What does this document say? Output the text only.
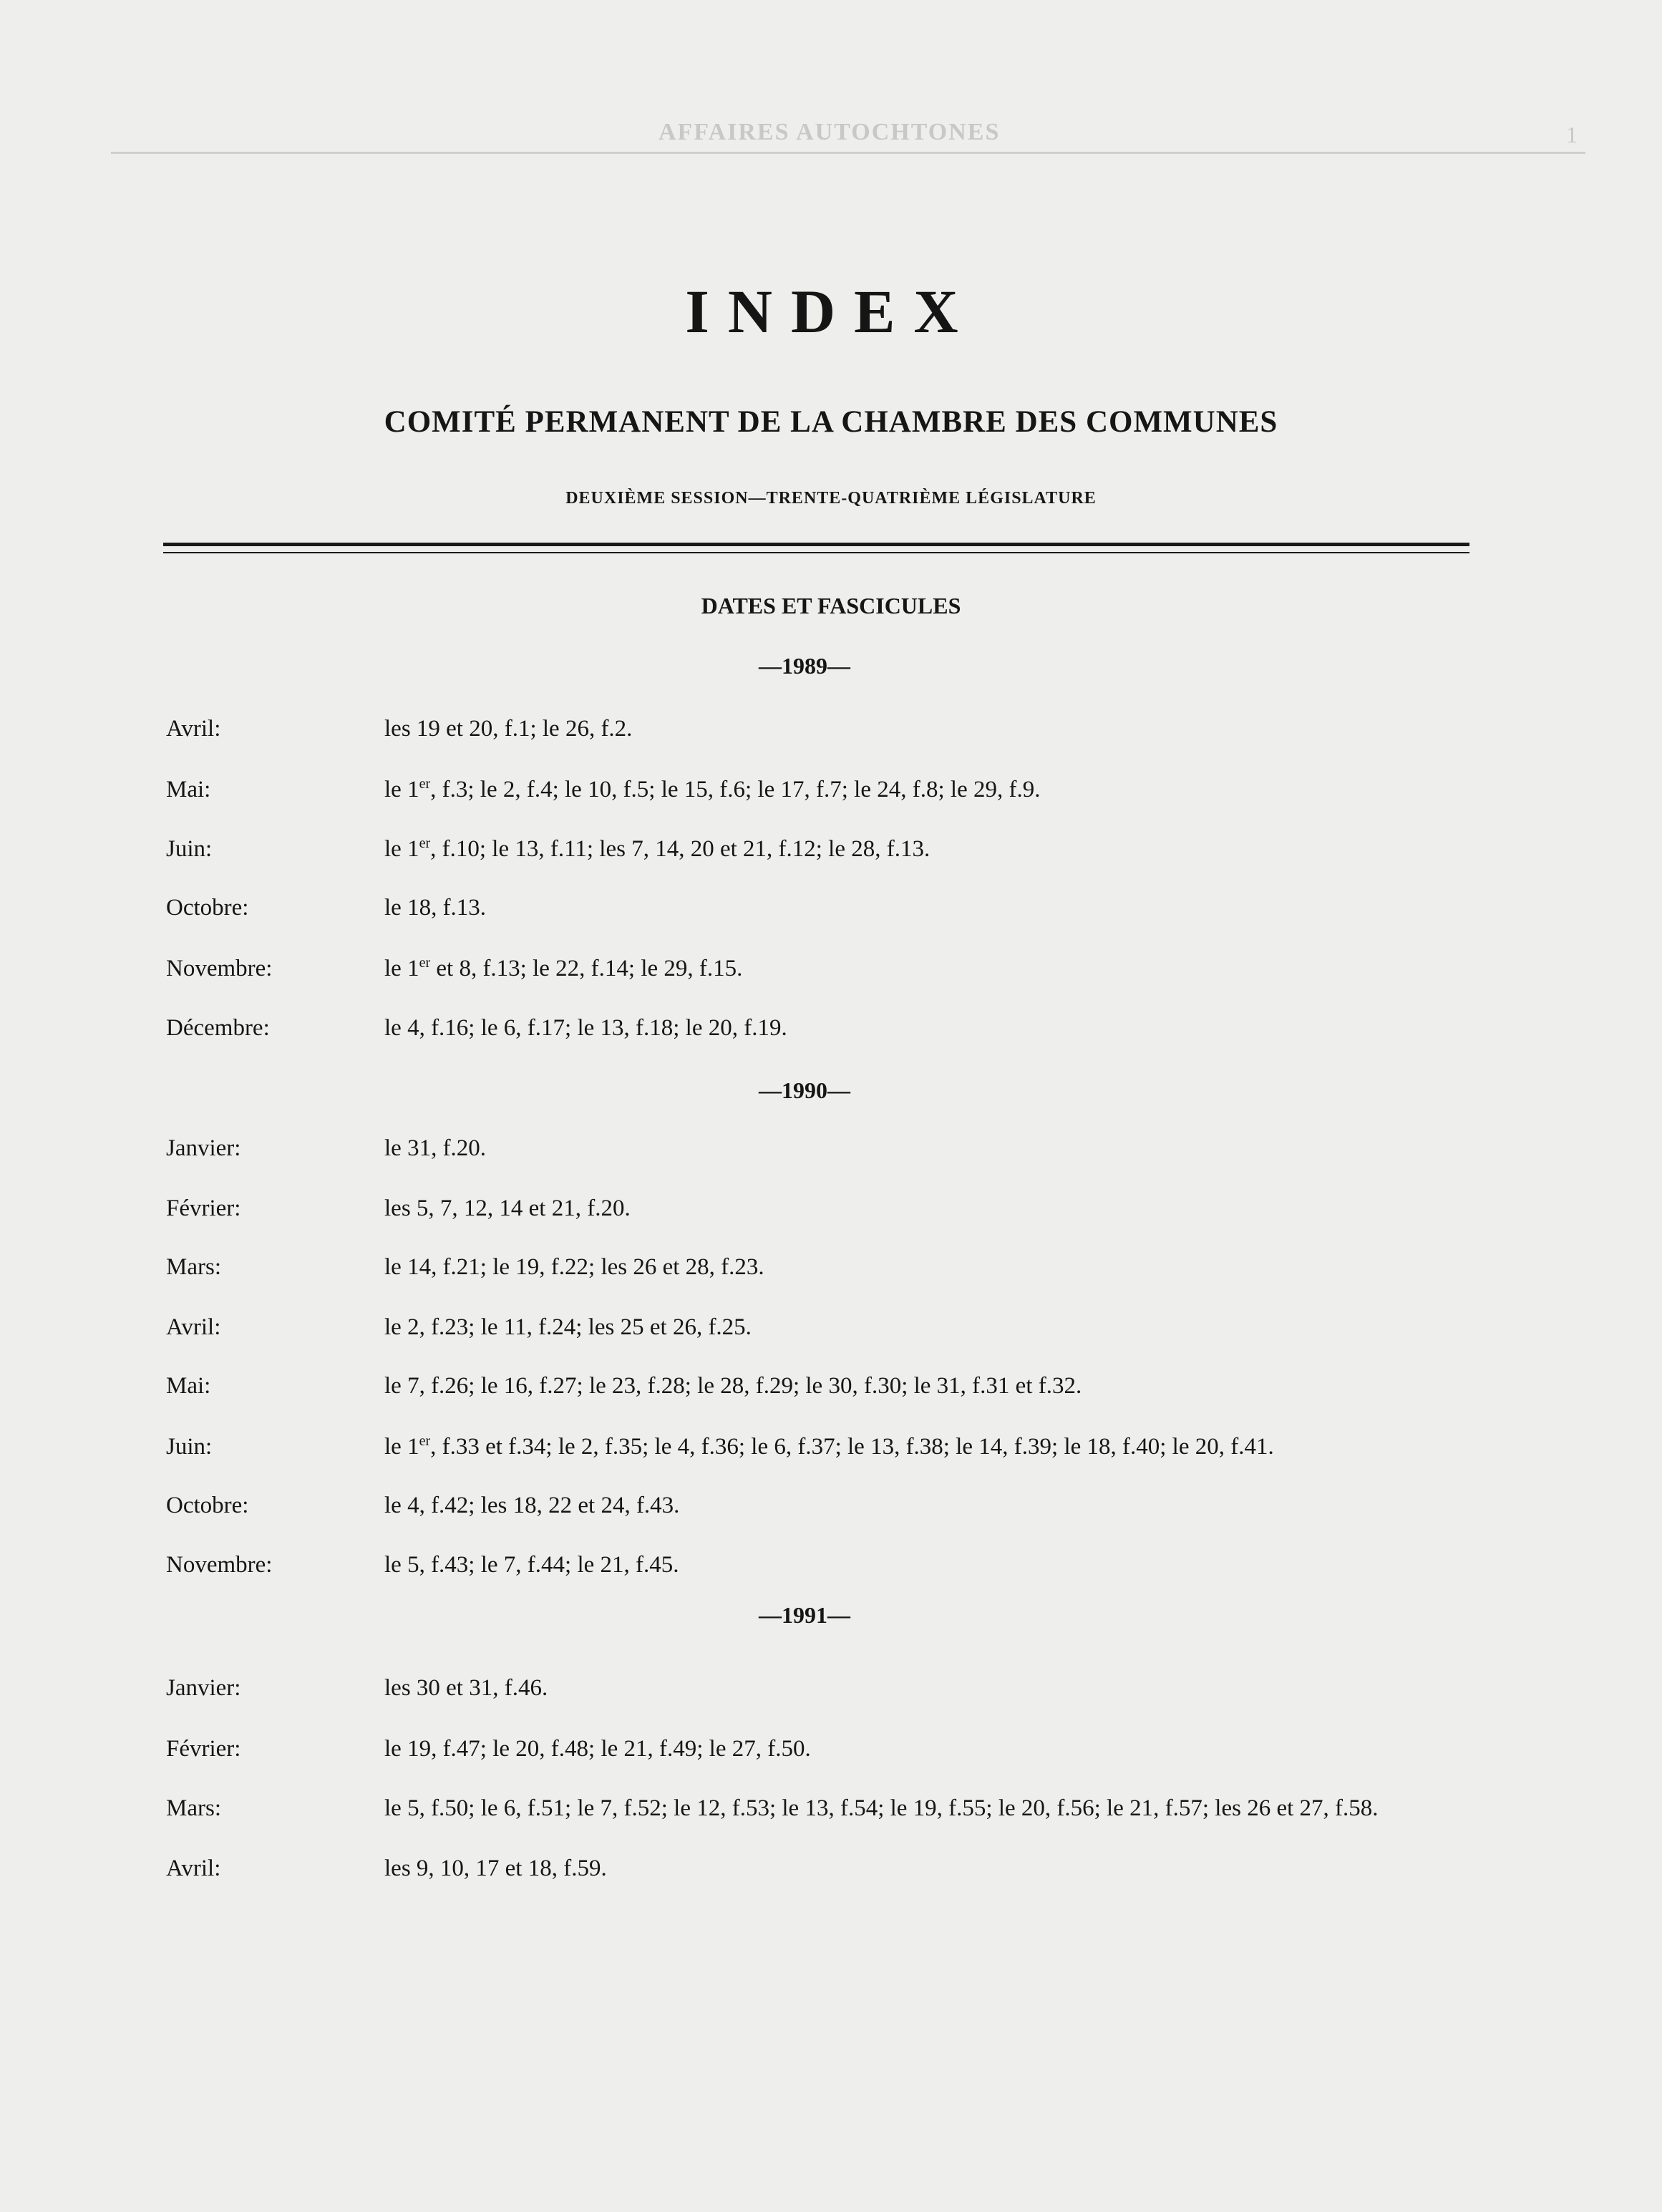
AFFAIRES AUTOCHTONES	1
INDEX
COMITÉ PERMANENT DE LA CHAMBRE DES COMMUNES
DEUXIÈME SESSION—TRENTE-QUATRIÈME LÉGISLATURE
DATES ET FASCICULES
—1989—
Avril:	les 19 et 20, f.1; le 26, f.2.
Mai:	le 1er, f.3; le 2, f.4; le 10, f.5; le 15, f.6; le 17, f.7; le 24, f.8; le 29, f.9.
Juin:	le 1er, f.10; le 13, f.11; les 7, 14, 20 et 21, f.12; le 28, f.13.
Octobre:	le 18, f.13.
Novembre:	le 1er et 8, f.13; le 22, f.14; le 29, f.15.
Décembre:	le 4, f.16; le 6, f.17; le 13, f.18; le 20, f.19.
—1990—
Janvier:	le 31, f.20.
Février:	les 5, 7, 12, 14 et 21, f.20.
Mars:	le 14, f.21; le 19, f.22; les 26 et 28, f.23.
Avril:	le 2, f.23; le 11, f.24; les 25 et 26, f.25.
Mai:	le 7, f.26; le 16, f.27; le 23, f.28; le 28, f.29; le 30, f.30; le 31, f.31 et f.32.
Juin:	le 1er, f.33 et f.34; le 2, f.35; le 4, f.36; le 6, f.37; le 13, f.38; le 14, f.39; le 18, f.40; le 20, f.41.
Octobre:	le 4, f.42; les 18, 22 et 24, f.43.
Novembre:	le 5, f.43; le 7, f.44; le 21, f.45.
—1991—
Janvier:	les 30 et 31, f.46.
Février:	le 19, f.47; le 20, f.48; le 21, f.49; le 27, f.50.
Mars:	le 5, f.50; le 6, f.51; le 7, f.52; le 12, f.53; le 13, f.54; le 19, f.55; le 20, f.56; le 21, f.57; les 26 et 27, f.58.
Avril:	les 9, 10, 17 et 18, f.59.
